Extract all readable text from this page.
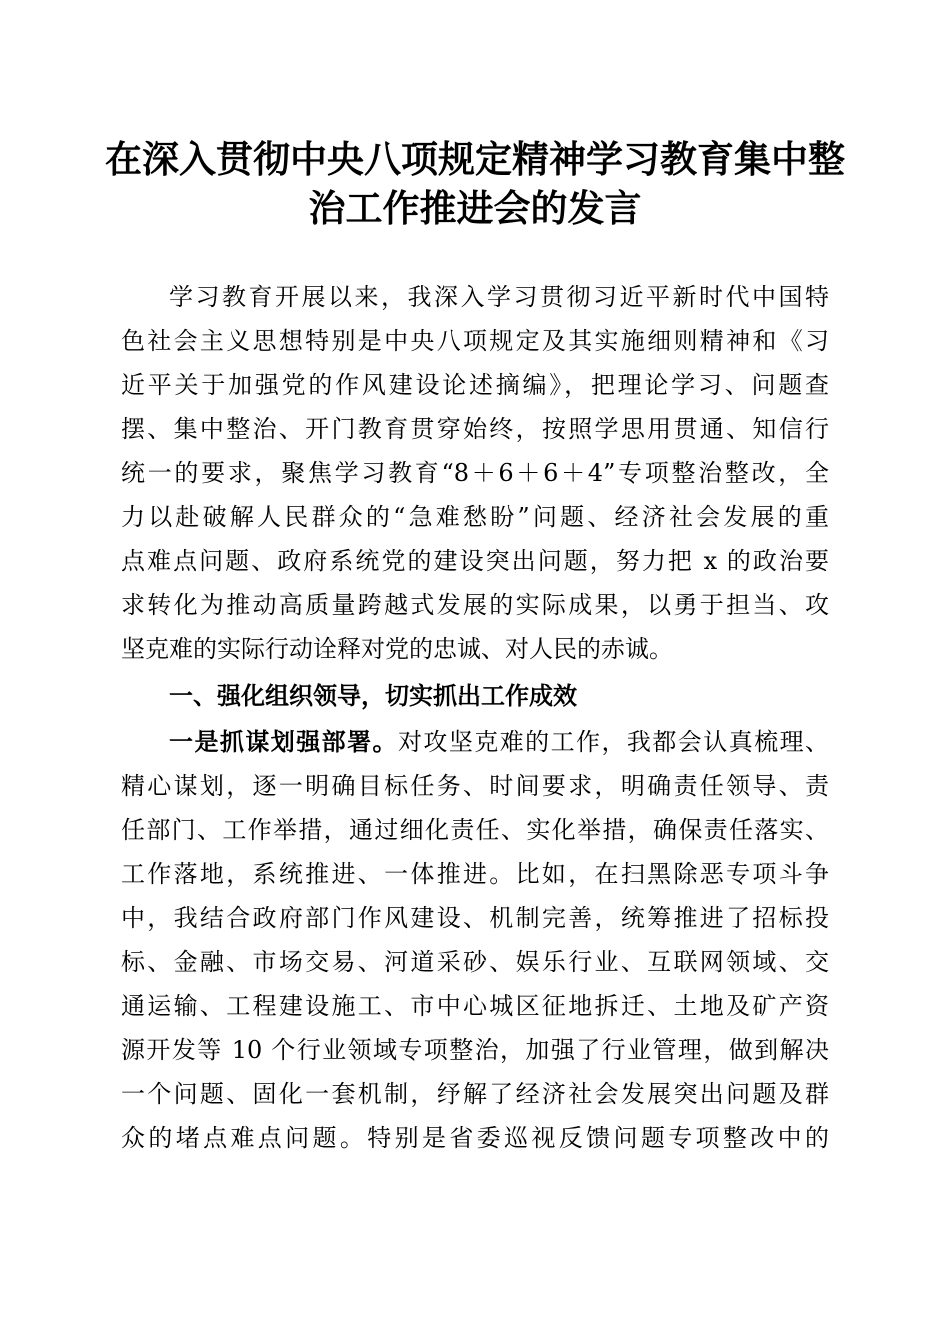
在深入贯彻中央八项规定精神学习教育集中整
治工作推进会的发言
学习教育开展以来，我深入学习贯彻习近平新时代中国特
色社会主义思想特别是中央八项规定及其实施细则精神和《习
近平关于加强党的作风建设论述摘编》，把理论学习、问题查
摆、集中整治、开门教育贯穿始终，按照学思用贯通、知信行
统一的要求，聚焦学习教育“8＋6＋6＋4”专项整治整改，全
力以赴破解人民群众的“急难愁盼”问题、经济社会发展的重
点难点问题、政府系统党的建设突出问题，努力把 x 的政治要
求转化为推动高质量跨越式发展的实际成果，以勇于担当、攻
坚克难的实际行动诠释对党的忠诚、对人民的赤诚。
一、强化组织领导，切实抓出工作成效
一是抓谋划强部署。对攻坚克难的工作，我都会认真梳理、
精心谋划，逐一明确目标任务、时间要求，明确责任领导、责
任部门、工作举措，通过细化责任、实化举措，确保责任落实、
工作落地，系统推进、一体推进。比如，在扫黑除恶专项斗争
中，我结合政府部门作风建设、机制完善，统筹推进了招标投
标、金融、市场交易、河道采砂、娱乐行业、互联网领域、交
通运输、工程建设施工、市中心城区征地拆迁、土地及矿产资
源开发等 10 个行业领域专项整治，加强了行业管理，做到解决
一个问题、固化一套机制，纾解了经济社会发展突出问题及群
众的堵点难点问题。特别是省委巡视反馈问题专项整改中的
